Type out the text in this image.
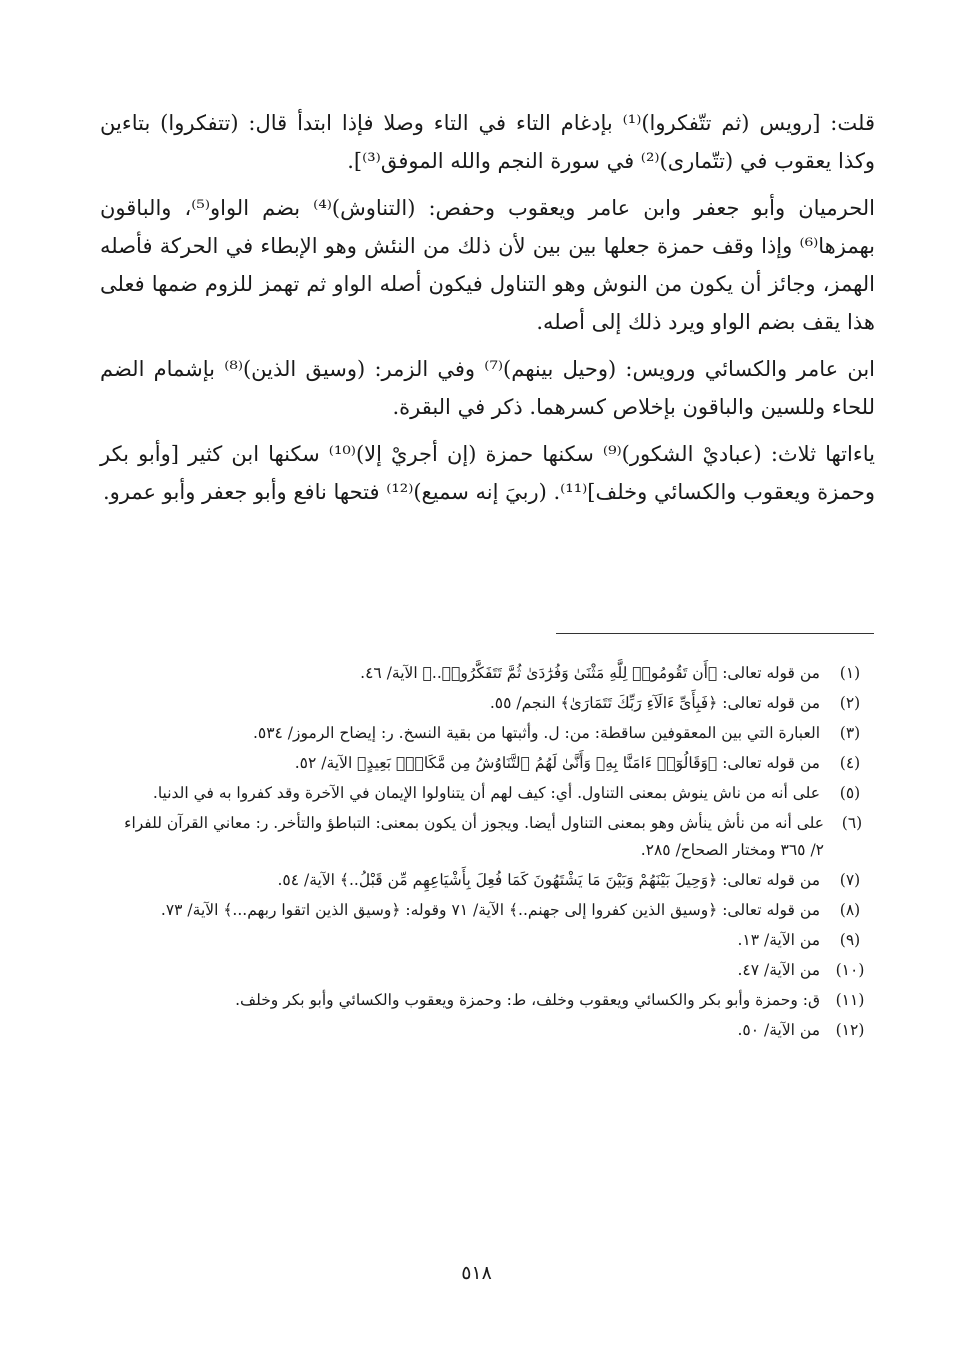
قلت: [رويس (ثم تتّفكروا)⁽¹⁾ بإدغام التاء في التاء وصلا فإذا ابتدأ قال: (تتفكروا) بتاءين وكذا يعقوب في (تتّمارى)⁽²⁾ في سورة النجم والله الموفق⁽³⁾].

الحرميان وأبو جعفر وابن عامر ويعقوب وحفص: (التناوش)⁽⁴⁾ بضم الواو⁽⁵⁾، والباقون بهمزها⁽⁶⁾ وإذا وقف حمزة جعلها بين بين لأن ذلك من النئش وهو الإبطاء في الحركة فأصله الهمز، وجائز أن يكون من النوش وهو التناول فيكون أصله الواو ثم تهمز للزوم ضمها فعلى هذا يقف بضم الواو ويرد ذلك إلى أصله.

ابن عامر والكسائي ورويس: (وحيل بينهم)⁽⁷⁾ وفي الزمر: (وسيق الذين)⁽⁸⁾ بإشمام الضم للحاء وللسين والباقون بإخلاص كسرهما. ذكر في البقرة.

ياءاتها ثلاث: (عباديْ الشكور)⁽⁹⁾ سكنها حمزة (إن أجريْ إلا)⁽¹⁰⁾ سكنها ابن كثير [وأبو بكر وحمزة ويعقوب والكسائي وخلف]⁽¹¹⁾. (ربيَ إنه سميع)⁽¹²⁾ فتحها نافع وأبو جعفر وأبو عمرو.

(١)
من قوله تعالى: ﴿أَن تَقُومُوا۟ لِلَّهِ مَثْنَىٰ وَفُرَٰدَىٰ ثُمَّ تَتَفَكَّرُوا۟..﴾ الآية/ ٤٦.
(٢)
من قوله تعالى: ﴿فَبِأَىِّ ءَالَآءِ رَبِّكَ تَتَمَارَىٰ﴾ النجم/ ٥٥.
(٣)
العبارة التي بين المعقوفين ساقطة: من: ل. وأثبتها من بقية النسخ. ر: إيضاح الرموز/ ٥٣٤.
(٤)
من قوله تعالى: ﴿وَقَالُوٓا۟ ءَامَنَّا بِهِۦ وَأَنَّىٰ لَهُمُ ٱلتَّنَاوُشُ مِن مَّكَانٍۭ بَعِيدٍ﴾ الآية/ ٥٢.
(٥)
على أنه من ناش ينوش بمعنى التناول. أي: كيف لهم أن يتناولوا الإيمان في الآخرة وقد كفروا به في الدنيا.
(٦)
على أنه من نأش ينأش وهو بمعنى التناول أيضا. ويجوز أن يكون بمعنى: التباطؤ والتأخر. ر: معاني القرآن للفراء ٢/ ٣٦٥ ومختار الصحاح/ ٢٨٥.
(٧)
من قوله تعالى: ﴿وَحِيلَ بَيْنَهُمْ وَبَيْنَ مَا يَشْتَهُونَ كَمَا فُعِلَ بِأَشْيَاعِهِم مِّن قَبْلُ..﴾ الآية/ ٥٤.
(٨)
من قوله تعالى: ﴿وسيق الذين كفروا إلى جهنم..﴾ الآية/ ٧١ وقوله: ﴿وسيق الذين اتقوا ربهم...﴾ الآية/ ٧٣.
(٩)
من الآية/ ١٣.
(١٠)
من الآية/ ٤٧.
(١١)
ق: وحمزة وأبو بكر والكسائي ويعقوب وخلف، ط: وحمزة ويعقوب والكسائي وأبو بكر وخلف.
(١٢)
من الآية/ ٥٠.
٥١٨
